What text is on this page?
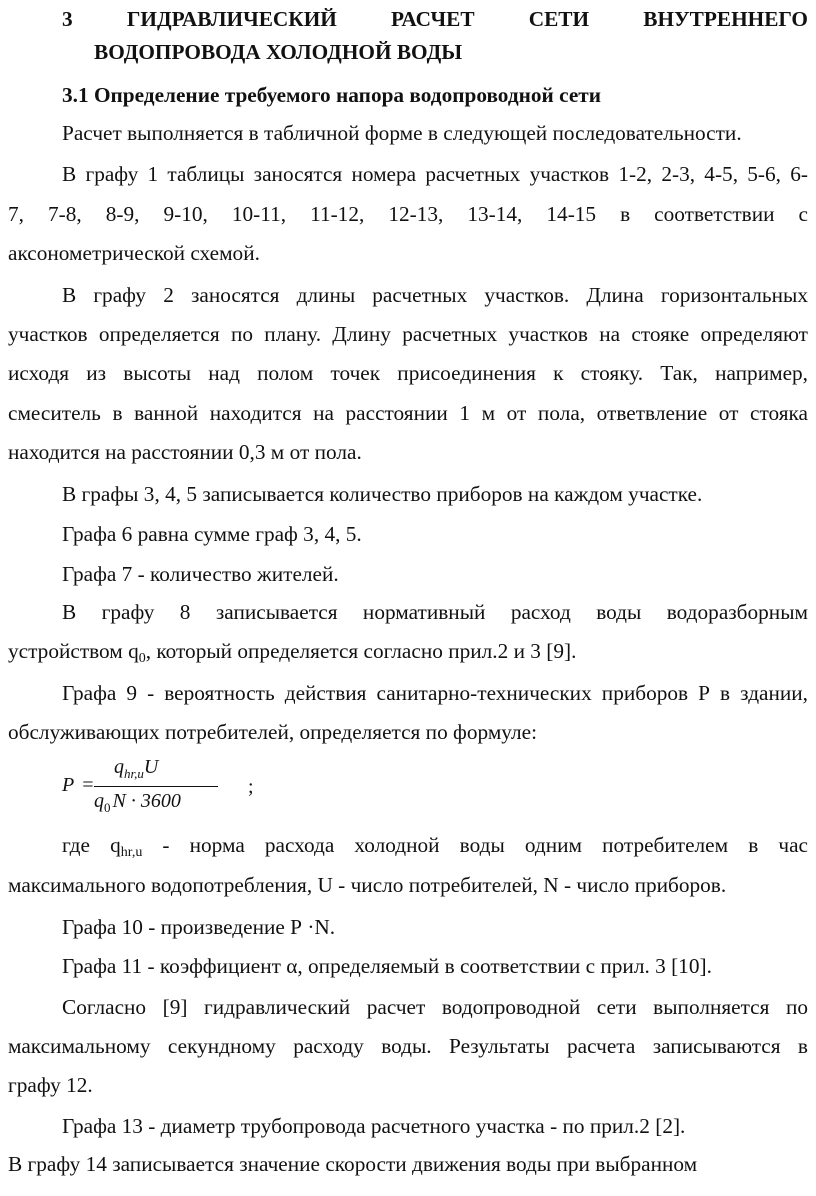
3	ГИДРАВЛИЧЕСКИЙ	РАСЧЕТ	СЕТИ	ВНУТРЕННЕГО
ВОДОПРОВОДА ХОЛОДНОЙ ВОДЫ
3.1 Определение требуемого напора водопроводной сети
Расчет выполняется в табличной форме в следующей последовательности.
В графу 1 таблицы заносятся номера расчетных участков 1-2, 2-3, 4-5, 5-6, 6-
7, 7-8, 8-9, 9-10, 10-11, 11-12, 12-13, 13-14, 14-15 в соответствии с
аксонометрической схемой.
В графу 2 заносятся длины расчетных участков. Длина горизонтальных
участков определяется по плану. Длину расчетных участков на стояке определяют
исходя из высоты над полом точек присоединения к стояку. Так, например,
смеситель в ванной находится на расстоянии 1 м от пола, ответвление от стояка
находится на расстоянии 0,3 м от пола.
В графы 3, 4, 5 записывается количество приборов на каждом участке.
Графа 6 равна сумме граф 3, 4, 5.
Графа 7 - количество жителей.
В графу 8 записывается нормативный расход воды водоразборным
устройством $q_0$, который определяется согласно прил.2 и 3 [9].
Графа 9 - вероятность действия санитарно-технических приборов Р в здании,
обслуживающих потребителей, определяется по формуле:
P =
$q_{hr,u}U$
$q_0$ N · 3600
;
где $q_{hr,u}$ - норма расхода холодной воды одним потребителем в час
максимального водопотребления, U - число потребителей, N - число приборов.
Графа 10 - произведение Р ·N.
Графа 11 - коэффициент α, определяемый в соответствии с прил. 3 [10].
Согласно [9] гидравлический расчет водопроводной сети выполняется по
максимальному секундному расходу воды. Результаты расчета записываются в
графу 12.
Графа 13 - диаметр трубопровода расчетного участка - по прил.2 [2].
В графу 14 записывается значение скорости движения воды при выбранном
